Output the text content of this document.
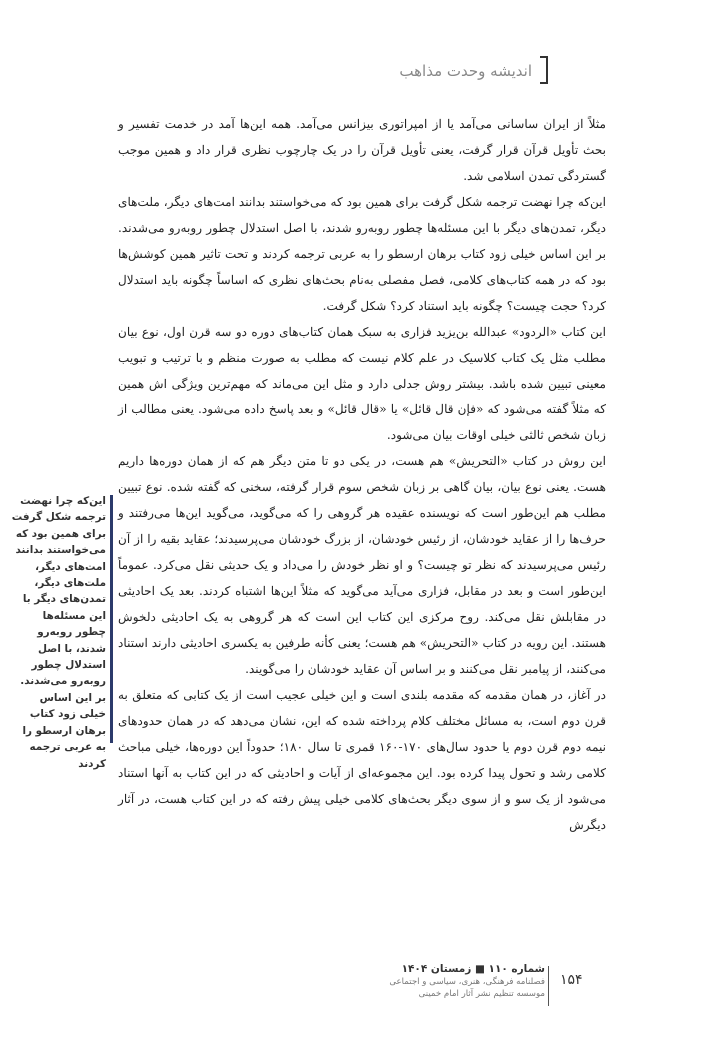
اندیشه وحدت مذاهب

مثلاً از ایران ساسانی می‌آمد یا از امپراتوری بیزانس می‌آمد. همه این‌ها آمد در خدمت تفسیر و بحث تأویل قرآن قرار گرفت، یعنی تأویل قرآن را در یک چارچوب نظری قرار داد و همین موجب گستردگی تمدن اسلامی شد.

این‌که چرا نهضت ترجمه شکل گرفت برای همین بود که می‌خواستند بدانند امت‌های دیگر، ملت‌های دیگر، تمدن‌های دیگر با این مسئله‌ها چطور روبه‌رو شدند، با اصل استدلال چطور روبه‌رو می‌شدند. بر این اساس خیلی زود کتاب برهان ارسطو را به عربی ترجمه کردند و تحت تاثیر همین کوشش‌ها بود که در همه کتاب‌های کلامی، فصل مفصلی به‌نام بحث‌های نظری که اساساً چگونه باید استدلال کرد؟ حجت چیست؟ چگونه باید استناد کرد؟ شکل گرفت.

این کتاب «الردود» عبدالله بن‌یزید فزاری به سبک همان کتاب‌های دوره دو سه قرن اول، نوع بیان مطلب مثل یک کتاب کلاسیک در علم کلام نیست که مطلب به صورت منظم و با ترتیب و تبویب معینی تبیین شده باشد. بیشتر روش جدلی دارد و مثل این می‌ماند که مهم‌ترین ویژگی اش همین که مثلاً گفته می‌شود که «فإن قال قائل» یا «قال قائل» و بعد پاسخ داده می‌شود. یعنی مطالب از زبان شخص ثالثی خیلی اوقات بیان می‌شود.

این روش در کتاب «التحریش» هم هست، در یکی دو تا متن دیگر هم که از همان دوره‌ها داریم هست. یعنی نوع بیان، بیان گاهی بر زبان شخص سوم قرار گرفته، سخنی که گفته شده. نوع تبیین مطلب هم این‌طور است که نویسنده عقیده هر گروهی را که می‌گوید، می‌گوید این‌ها می‌رفتند و حرف‌ها را از عقاید خودشان، از رئیس خودشان، از بزرگ خودشان می‌پرسیدند؛ عقاید بقیه را از آن رئیس می‌پرسیدند که نظر تو چیست؟ و او نظر خودش را می‌داد و یک حدیثی نقل می‌کرد. عموماً این‌طور است و بعد در مقابل، فزاری می‌آید می‌گوید که مثلاً این‌ها اشتباه کردند. بعد یک احادیثی در مقابلش نقل می‌کند. روح مرکزی این کتاب این است که هر گروهی به یک احادیثی دلخوش هستند. این رویه در کتاب «التحریش» هم هست؛ یعنی کأنه طرفین به یکسری احادیثی دارند استناد می‌کنند، از پیامبر نقل می‌کنند و بر اساس آن عقاید خودشان را می‌گویند.

در آغاز، در همان مقدمه که مقدمه بلندی است و این خیلی عجیب است از یک کتابی که متعلق به قرن دوم است، به مسائل مختلف کلام پرداخته شده که این، نشان می‌دهد که در همان حدودهای نیمه دوم قرن دوم یا حدود سال‌های ۱۷۰-۱۶۰ قمری تا سال ۱۸۰؛ حدوداً این دوره‌ها، خیلی مباحث کلامی رشد و تحول پیدا کرده بود. این مجموعه‌ای از آیات و احادیثی که در این کتاب به آنها استناد می‌شود از یک سو و از سوی دیگر بحث‌های کلامی خیلی پیش رفته که در این کتاب هست، در آثار دیگرش

این‌که چرا نهضت ترجمه شکل گرفت برای همین بود که می‌خواستند بدانند امت‌های دیگر، ملت‌های دیگر، تمدن‌های دیگر با این مسئله‌ها چطور روبه‌رو شدند، با اصل استدلال چطور روبه‌رو می‌شدند. بر این اساس خیلی زود کتاب برهان ارسطو را به عربی ترجمه کردند
شماره ۱۱۰ ■ زمستان ۱۴۰۴
فصلنامه فرهنگی، هنری، سیاسی و اجتماعی
موسسه تنظیم نشر آثار امام خمینی
۱۵۴
